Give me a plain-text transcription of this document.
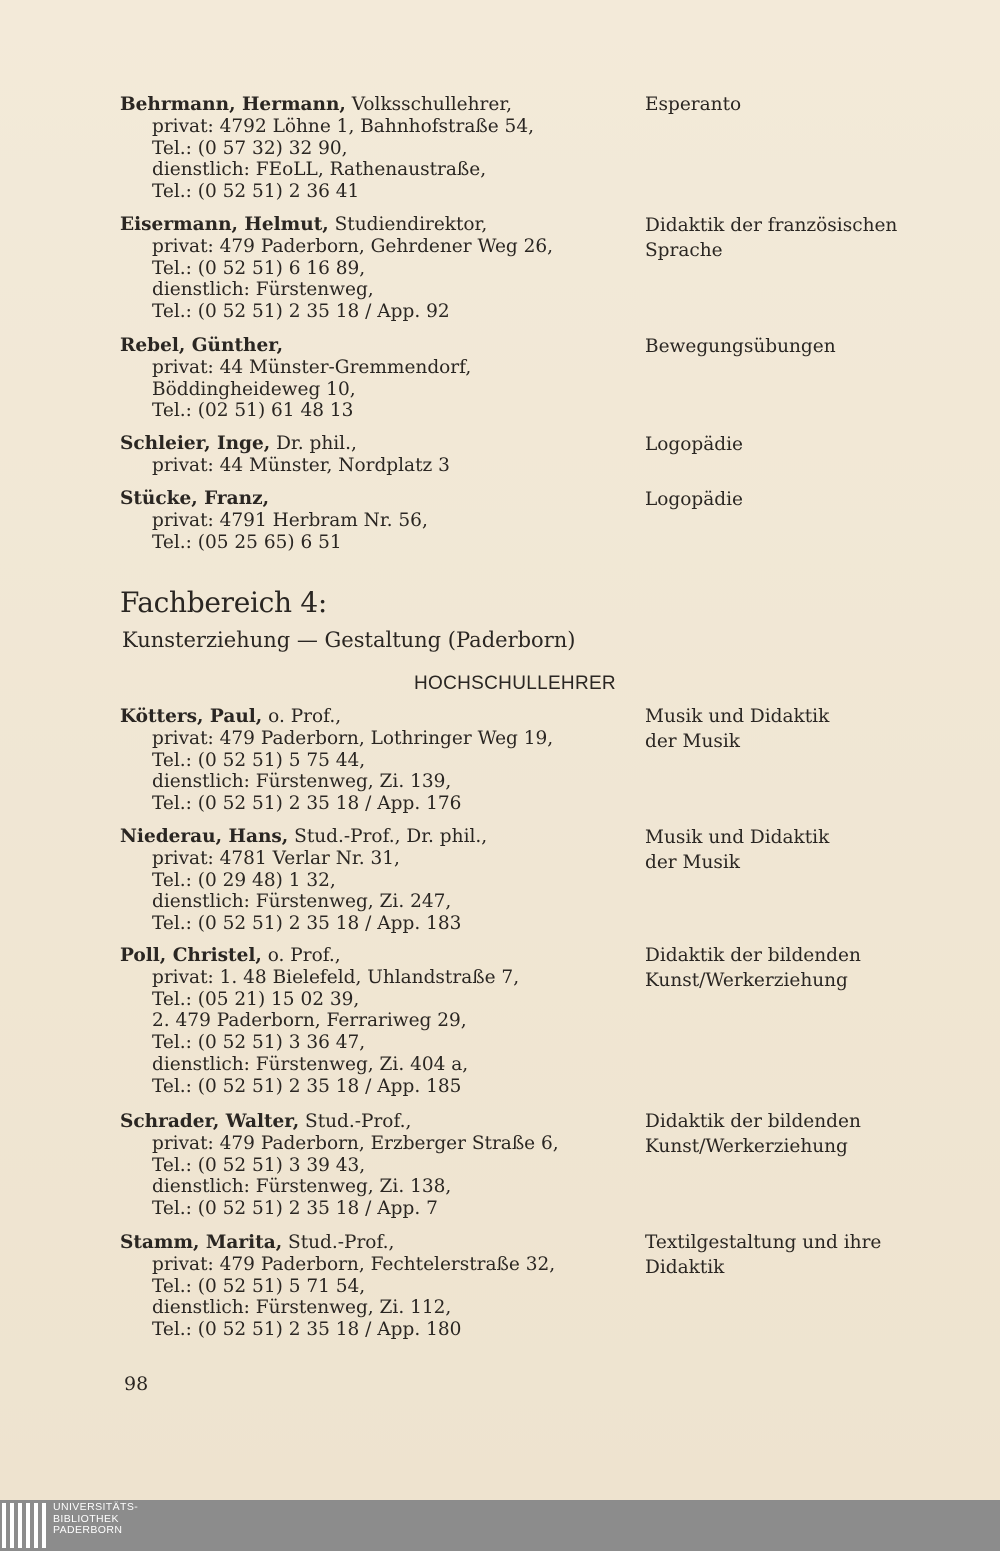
Behrmann, Hermann, Volksschullehrer,
privat: 4792 Löhne 1, Bahnhofstraße 54,
Tel.: (0 57 32) 32 90,
dienstlich: FEoLL, Rathenaustraße,
Tel.: (0 52 51) 2 36 41
Esperanto
Eisermann, Helmut, Studiendirektor,
privat: 479 Paderborn, Gehrdener Weg 26,
Tel.: (0 52 51) 6 16 89,
dienstlich: Fürstenweg,
Tel.: (0 52 51) 2 35 18 / App. 92
Didaktik der französischen
Sprache
Rebel, Günther,
privat: 44 Münster-Gremmendorf,
Böddingheideweg 10,
Tel.: (02 51) 61 48 13
Bewegungsübungen
Schleier, Inge, Dr. phil.,
privat: 44 Münster, Nordplatz 3
Logopädie
Stücke, Franz,
privat: 4791 Herbram Nr. 56,
Tel.: (05 25 65) 6 51
Logopädie
Fachbereich 4:
Kunsterziehung — Gestaltung (Paderborn)
HOCHSCHULLEHRER
Kötters, Paul, o. Prof.,
privat: 479 Paderborn, Lothringer Weg 19,
Tel.: (0 52 51) 5 75 44,
dienstlich: Fürstenweg, Zi. 139,
Tel.: (0 52 51) 2 35 18 / App. 176
Musik und Didaktik
der Musik
Niederau, Hans, Stud.-Prof., Dr. phil.,
privat: 4781 Verlar Nr. 31,
Tel.: (0 29 48) 1 32,
dienstlich: Fürstenweg, Zi. 247,
Tel.: (0 52 51) 2 35 18 / App. 183
Musik und Didaktik
der Musik
Poll, Christel, o. Prof.,
privat: 1. 48 Bielefeld, Uhlandstraße 7,
Tel.: (05 21) 15 02 39,
2. 479 Paderborn, Ferrariweg 29,
Tel.: (0 52 51) 3 36 47,
dienstlich: Fürstenweg, Zi. 404 a,
Tel.: (0 52 51) 2 35 18 / App. 185
Didaktik der bildenden
Kunst/Werkerziehung
Schrader, Walter, Stud.-Prof.,
privat: 479 Paderborn, Erzberger Straße 6,
Tel.: (0 52 51) 3 39 43,
dienstlich: Fürstenweg, Zi. 138,
Tel.: (0 52 51) 2 35 18 / App. 7
Didaktik der bildenden
Kunst/Werkerziehung
Stamm, Marita, Stud.-Prof.,
privat: 479 Paderborn, Fechtelerstraße 32,
Tel.: (0 52 51) 5 71 54,
dienstlich: Fürstenweg, Zi. 112,
Tel.: (0 52 51) 2 35 18 / App. 180
Textilgestaltung und ihre
Didaktik
98
UNIVERSITÄTS-
BIBLIOTHEK
PADERBORN
